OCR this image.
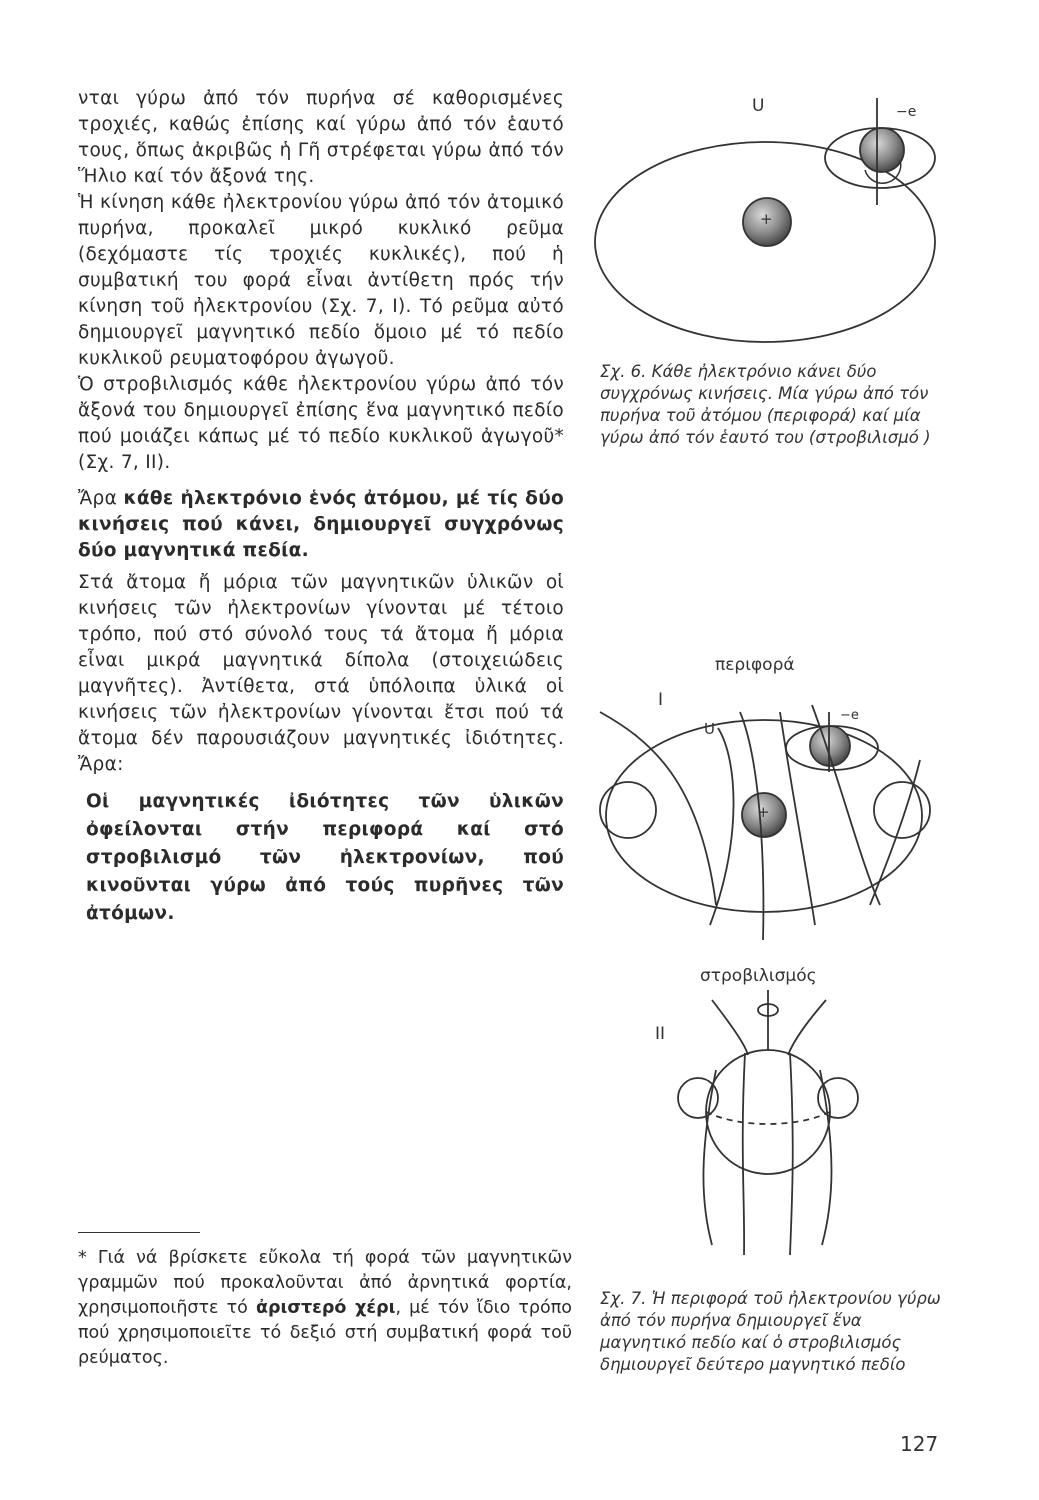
νται γύρω ἀπό τόν πυρήνα σέ καθορισμένες τροχιές, καθώς ἐπίσης καί γύρω ἀπό τόν ἑαυτό τους, ὅπως ἀκριβῶς ἡ Γῆ στρέφεται γύρω ἀπό τόν Ἥλιο καί τόν ἄξονά της.

Ἡ κίνηση κάθε ἠλεκτρονίου γύρω ἀπό τόν ἀτομικό πυρήνα, προκαλεῖ μικρό κυκλικό ρεῦμα (δεχόμαστε τίς τροχιές κυκλικές), πού ἡ συμβατική του φορά εἶναι ἀντίθετη πρός τήν κίνηση τοῦ ἠλεκτρονίου (Σχ. 7, I). Τό ρεῦμα αὐτό δημιουργεῖ μαγνητικό πεδίο ὅμοιο μέ τό πεδίο κυκλικοῦ ρευματοφόρου ἀγωγοῦ.

Ὁ στροβιλισμός κάθε ἠλεκτρονίου γύρω ἀπό τόν ἄξονά του δημιουργεῖ ἐπίσης ἕνα μαγνητικό πεδίο πού μοιάζει κάπως μέ τό πεδίο κυκλικοῦ ἀγωγοῦ* (Σχ. 7, II).

Ἄρα κάθε ἠλεκτρόνιο ἑνός ἀτόμου, μέ τίς δύο κινήσεις πού κάνει, δημιουργεῖ συγχρόνως δύο μαγνητικά πεδία.

Στά ἄτομα ἤ μόρια τῶν μαγνητικῶν ὑλικῶν οἱ κινήσεις τῶν ἠλεκτρονίων γίνονται μέ τέτοιο τρόπο, πού στό σύνολό τους τά ἄτομα ἤ μόρια εἶναι μικρά μαγνητικά δίπολα (στοιχειώδεις μαγνῆτες). Ἀντίθετα, στά ὑπόλοιπα ὑλικά οἱ κινήσεις τῶν ἠλεκτρονίων γίνονται ἔτσι πού τά ἄτομα δέν παρουσιάζουν μαγνητικές ἰδιότητες. Ἄρα:

Οἱ μαγνητικές ἰδιότητες τῶν ὑλικῶν ὀφείλονται στήν περιφορά καί στό στροβιλισμό τῶν ἠλεκτρονίων, πού κινοῦνται γύρω ἀπό τούς πυρῆνες τῶν ἀτόμων.

* Γιά νά βρίσκετε εὔκολα τή φορά τῶν μαγνητικῶν γραμμῶν πού προκαλοῦνται ἀπό ἀρνητικά φορτία, χρησιμοποιῆστε τό ἀριστερό χέρι, μέ τόν ἴδιο τρόπο πού χρησιμοποιεῖτε τό δεξιό στή συμβατική φορά τοῦ ρεύματος.
U	−e
+
Σχ. 6. Κάθε ἠλεκτρόνιο κάνει δύο συγχρόνως κινήσεις. Μία γύρω ἀπό τόν πυρήνα τοῦ ἀτόμου (περιφορά) καί μία γύρω ἀπό τόν ἑαυτό του (στροβιλισμό )
περιφορά
I
U
−e
+
στροβιλισμός
II
Σχ. 7. Ἡ περιφορά τοῦ ἠλεκτρονίου γύρω ἀπό τόν πυρήνα δημιουργεῖ ἕνα μαγνητικό πεδίο καί ὁ στροβιλισμός δημιουργεῖ δεύτερο μαγνητικό πεδίο
127
